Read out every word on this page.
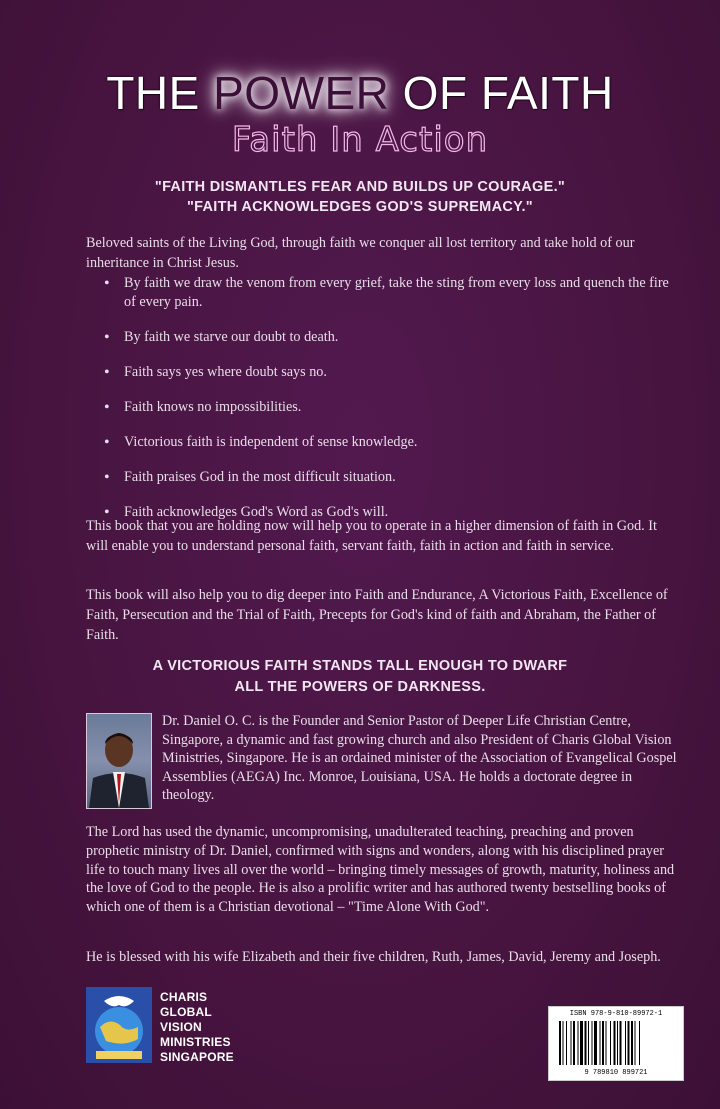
THE POWER OF FAITH
Faith In Action
"FAITH DISMANTLES FEAR AND BUILDS UP COURAGE."
"FAITH ACKNOWLEDGES GOD'S SUPREMACY."
Beloved saints of the Living God, through faith we conquer all lost territory and take hold of our inheritance in Christ Jesus.
• By faith we draw the venom from every grief, take the sting from every loss and quench the fire of every pain.
• By faith we starve our doubt to death.
• Faith says yes where doubt says no.
• Faith knows no impossibilities.
• Victorious faith is independent of sense knowledge.
• Faith praises God in the most difficult situation.
• Faith acknowledges God's Word as God's will.
This book that you are holding now will help you to operate in a higher dimension of faith in God. It will enable you to understand personal faith, servant faith, faith in action and faith in service.
This book will also help you to dig deeper into Faith and Endurance, A Victorious Faith, Excellence of Faith, Persecution and the Trial of Faith, Precepts for God's kind of faith and Abraham, the Father of Faith.
A VICTORIOUS FAITH STANDS TALL ENOUGH TO DWARF
ALL THE POWERS OF DARKNESS.
Dr. Daniel O. C. is the Founder and Senior Pastor of Deeper Life Christian Centre, Singapore, a dynamic and fast growing church and also President of Charis Global Vision Ministries, Singapore. He is an ordained minister of the Association of Evangelical Gospel Assemblies (AEGA) Inc. Monroe, Louisiana, USA. He holds a doctorate degree in theology.
The Lord has used the dynamic, uncompromising, unadulterated teaching, preaching and proven prophetic ministry of Dr. Daniel, confirmed with signs and wonders, along with his disciplined prayer life to touch many lives all over the world – bringing timely messages of growth, maturity, holiness and the love of God to the people. He is also a prolific writer and has authored twenty bestselling books of which one of them is a Christian devotional – "Time Alone With God".
He is blessed with his wife Elizabeth and their five children, Ruth, James, David, Jeremy and Joseph.
CHARIS
GLOBAL
VISION
MINISTRIES
SINGAPORE
ISBN 978-9-810-89972-1
9 789810 899721
